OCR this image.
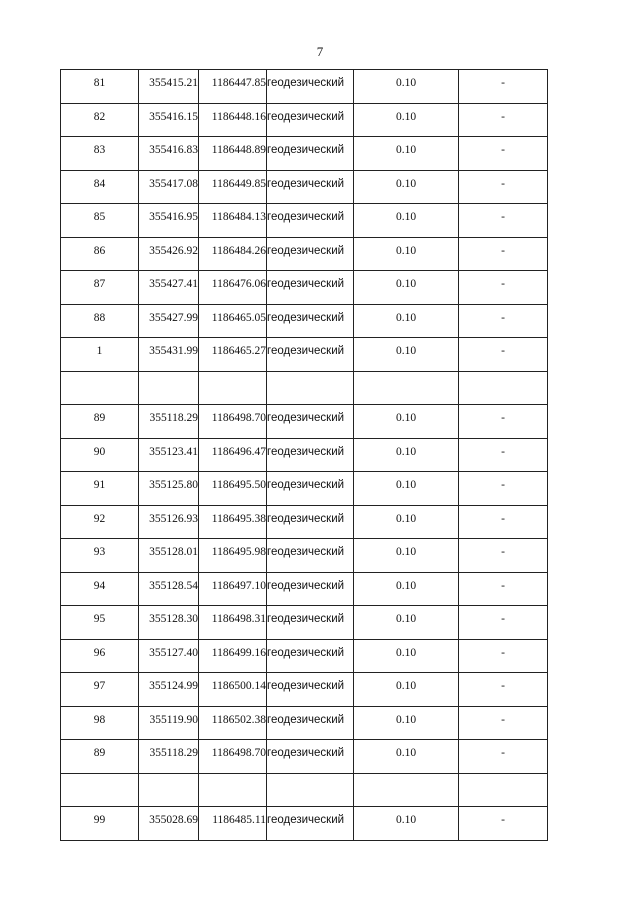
7
81	355415.21	1186447.85	геодезический	0.10	-
82	355416.15	1186448.16	геодезический	0.10	-
83	355416.83	1186448.89	геодезический	0.10	-
84	355417.08	1186449.85	геодезический	0.10	-
85	355416.95	1186484.13	геодезический	0.10	-
86	355426.92	1186484.26	геодезический	0.10	-
87	355427.41	1186476.06	геодезический	0.10	-
88	355427.99	1186465.05	геодезический	0.10	-
1	355431.99	1186465.27	геодезический	0.10	-

89	355118.29	1186498.70	геодезический	0.10	-
90	355123.41	1186496.47	геодезический	0.10	-
91	355125.80	1186495.50	геодезический	0.10	-
92	355126.93	1186495.38	геодезический	0.10	-
93	355128.01	1186495.98	геодезический	0.10	-
94	355128.54	1186497.10	геодезический	0.10	-
95	355128.30	1186498.31	геодезический	0.10	-
96	355127.40	1186499.16	геодезический	0.10	-
97	355124.99	1186500.14	геодезический	0.10	-
98	355119.90	1186502.38	геодезический	0.10	-
89	355118.29	1186498.70	геодезический	0.10	-

99	355028.69	1186485.11	геодезический	0.10	-
